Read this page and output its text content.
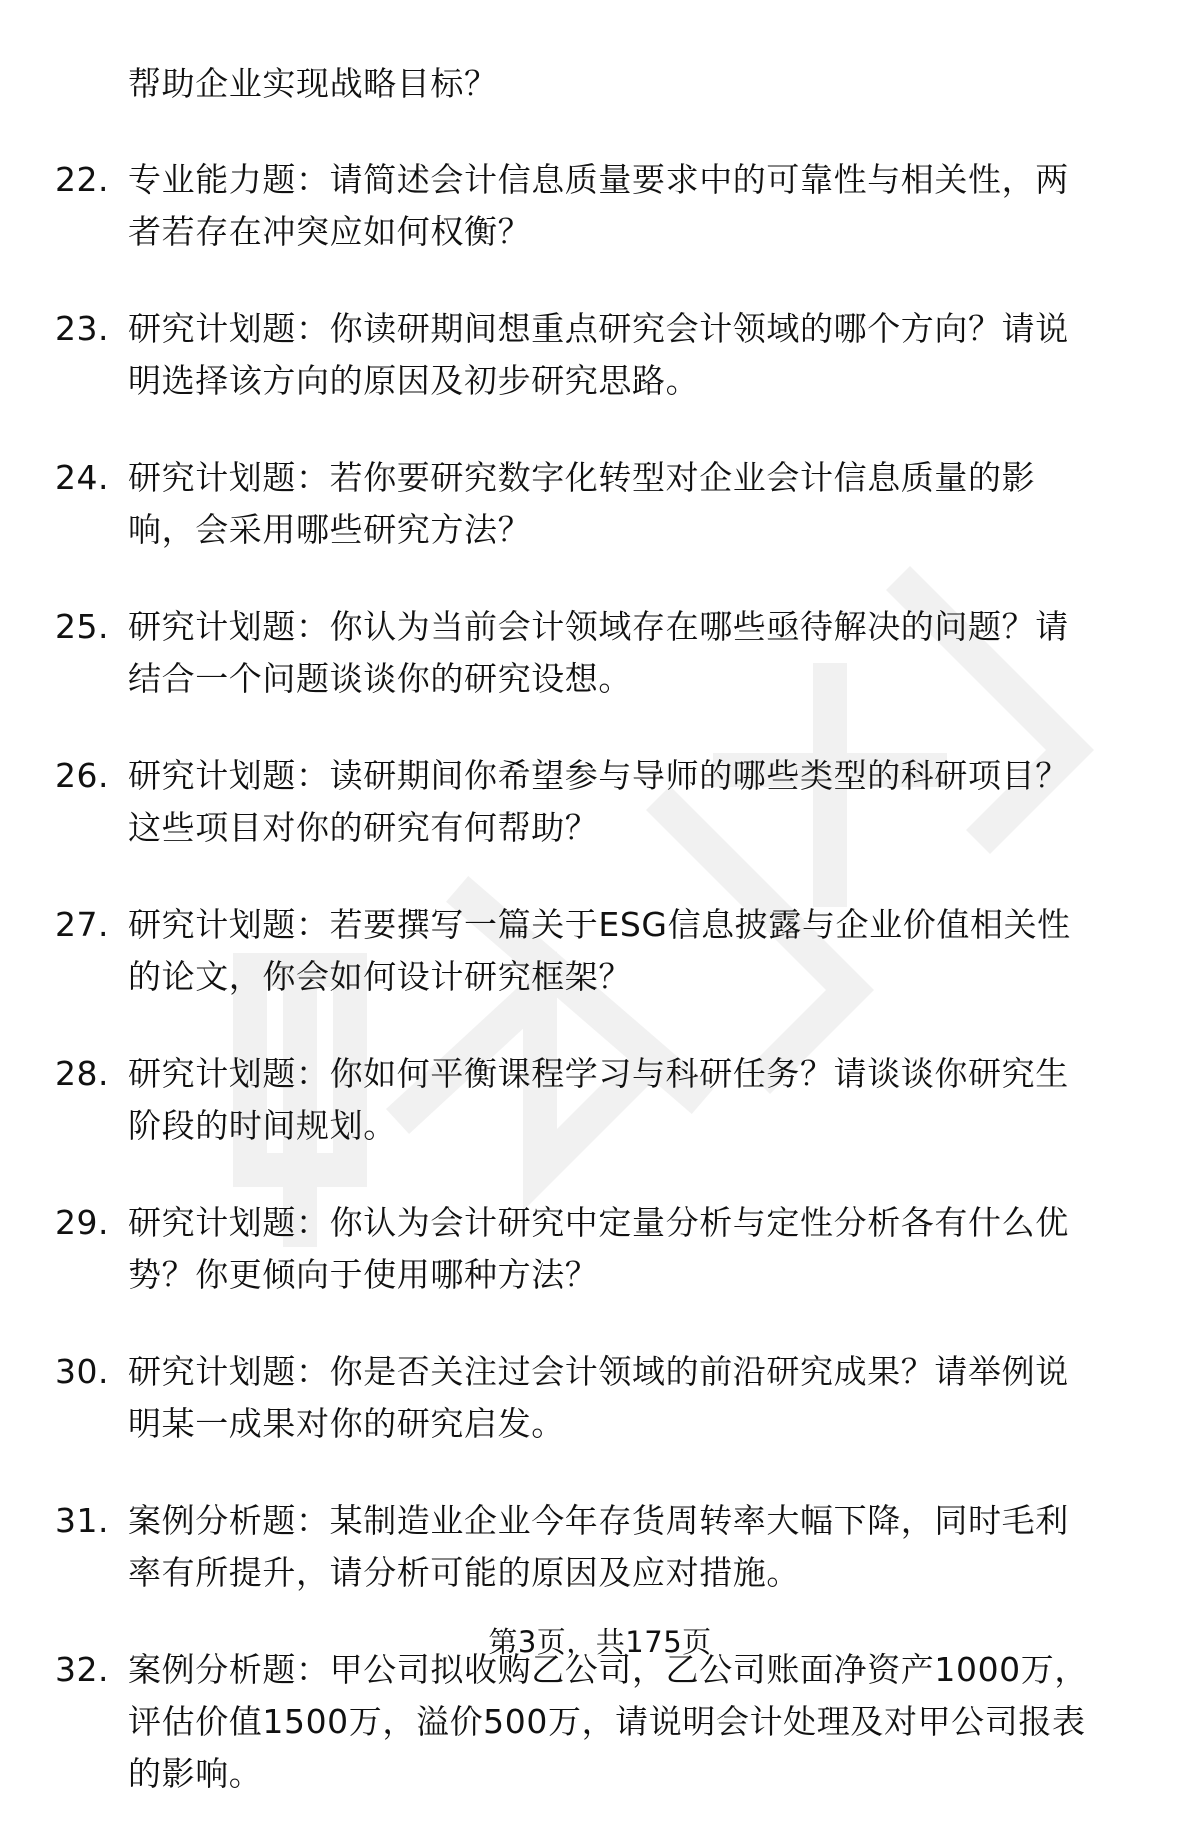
帮助企业实现战略目标？
22. 专业能力题：请简述会计信息质量要求中的可靠性与相关性，两
者若存在冲突应如何权衡？
23. 研究计划题：你读研期间想重点研究会计领域的哪个方向？请说
明选择该方向的原因及初步研究思路。
24. 研究计划题：若你要研究数字化转型对企业会计信息质量的影
响，会采用哪些研究方法？
25. 研究计划题：你认为当前会计领域存在哪些亟待解决的问题？请
结合一个问题谈谈你的研究设想。
26. 研究计划题：读研期间你希望参与导师的哪些类型的科研项目？
这些项目对你的研究有何帮助？
27. 研究计划题：若要撰写一篇关于ESG信息披露与企业价值相关性
的论文，你会如何设计研究框架？
28. 研究计划题：你如何平衡课程学习与科研任务？请谈谈你研究生
阶段的时间规划。
29. 研究计划题：你认为会计研究中定量分析与定性分析各有什么优
势？你更倾向于使用哪种方法？
30. 研究计划题：你是否关注过会计领域的前沿研究成果？请举例说
明某一成果对你的研究启发。
31. 案例分析题：某制造业企业今年存货周转率大幅下降，同时毛利
率有所提升，请分析可能的原因及应对措施。
32. 案例分析题：甲公司拟收购乙公司，乙公司账面净资产1000万，
评估价值1500万，溢价500万，请说明会计处理及对甲公司报表
的影响。
第3页，共175页
